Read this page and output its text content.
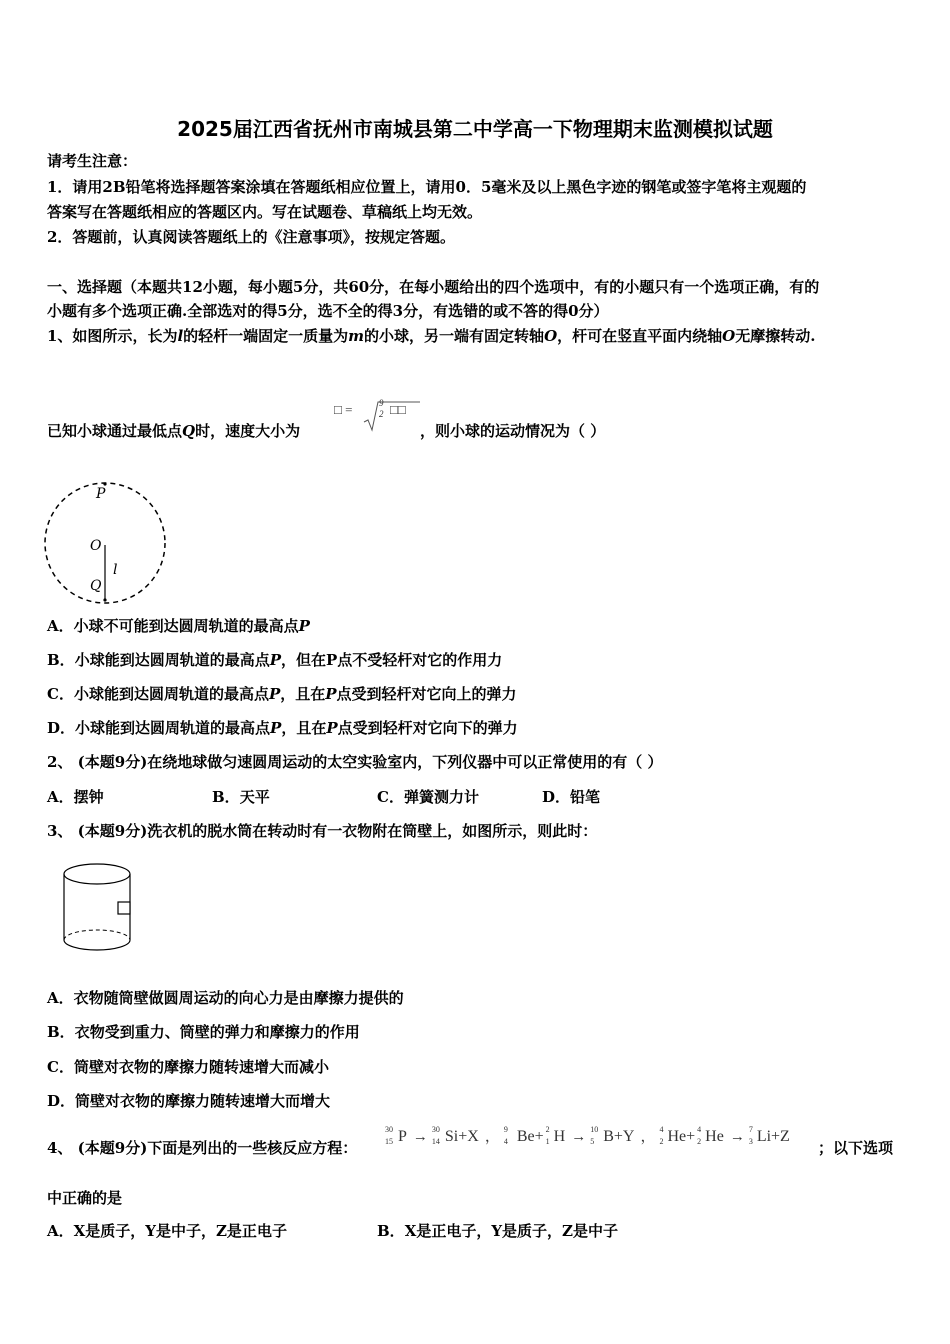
2025届江西省抚州市南城县第二中学高一下物理期末监测模拟试题
请考生注意：
1．请用2B铅笔将选择题答案涂填在答题纸相应位置上，请用0．5毫米及以上黑色字迹的钢笔或签字笔将主观题的
答案写在答题纸相应的答题区内。写在试题卷、草稿纸上均无效。
2．答题前，认真阅读答题纸上的《注意事项》，按规定答题。
一、选择题（本题共12小题，每小题5分，共60分，在每小题给出的四个选项中，有的小题只有一个选项正确，有的
小题有多个选项正确.全部选对的得5分，选不全的得3分，有选错的或不答的得0分）
1、如图所示，长为l的轻杆一端固定一质量为m的小球，另一端有固定转轴O，杆可在竖直平面内绕轴O无摩擦转动.
已知小球通过最低点Q时，速度大小为
□ =	9
2 □□
，则小球的运动情况为（ ）
P
O
l
Q
A．小球不可能到达圆周轨道的最高点P
B．小球能到达圆周轨道的最高点P，但在P点不受轻杆对它的作用力
C．小球能到达圆周轨道的最高点P，且在P点受到轻杆对它向上的弹力
D．小球能到达圆周轨道的最高点P，且在P点受到轻杆对它向下的弹力
2、 (本题9分)在绕地球做匀速圆周运动的太空实验室内，下列仪器中可以正常使用的有（ ）
A．摆钟	B．天平	C．弹簧测力计	D．铅笔
3、 (本题9分)洗衣机的脱水筒在转动时有一衣物附在筒壁上，如图所示，则此时：
A．衣物随筒壁做圆周运动的向心力是由摩擦力提供的
B．衣物受到重力、筒壁的弹力和摩擦力的作用
C．筒壁对衣物的摩擦力随转速增大而减小
D．筒壁对衣物的摩擦力随转速增大而增大
4、 (本题9分)下面是列出的一些核反应方程：
30
15 P → 30
14 Si+X ， 9
4 Be+ 2
1 H → 10
5 B+Y ， 4
2 He+ 4
2 He → 7
3 Li+Z
；以下选项
中正确的是
A．X是质子，Y是中子，Z是正电子	B．X是正电子，Y是质子，Z是中子
